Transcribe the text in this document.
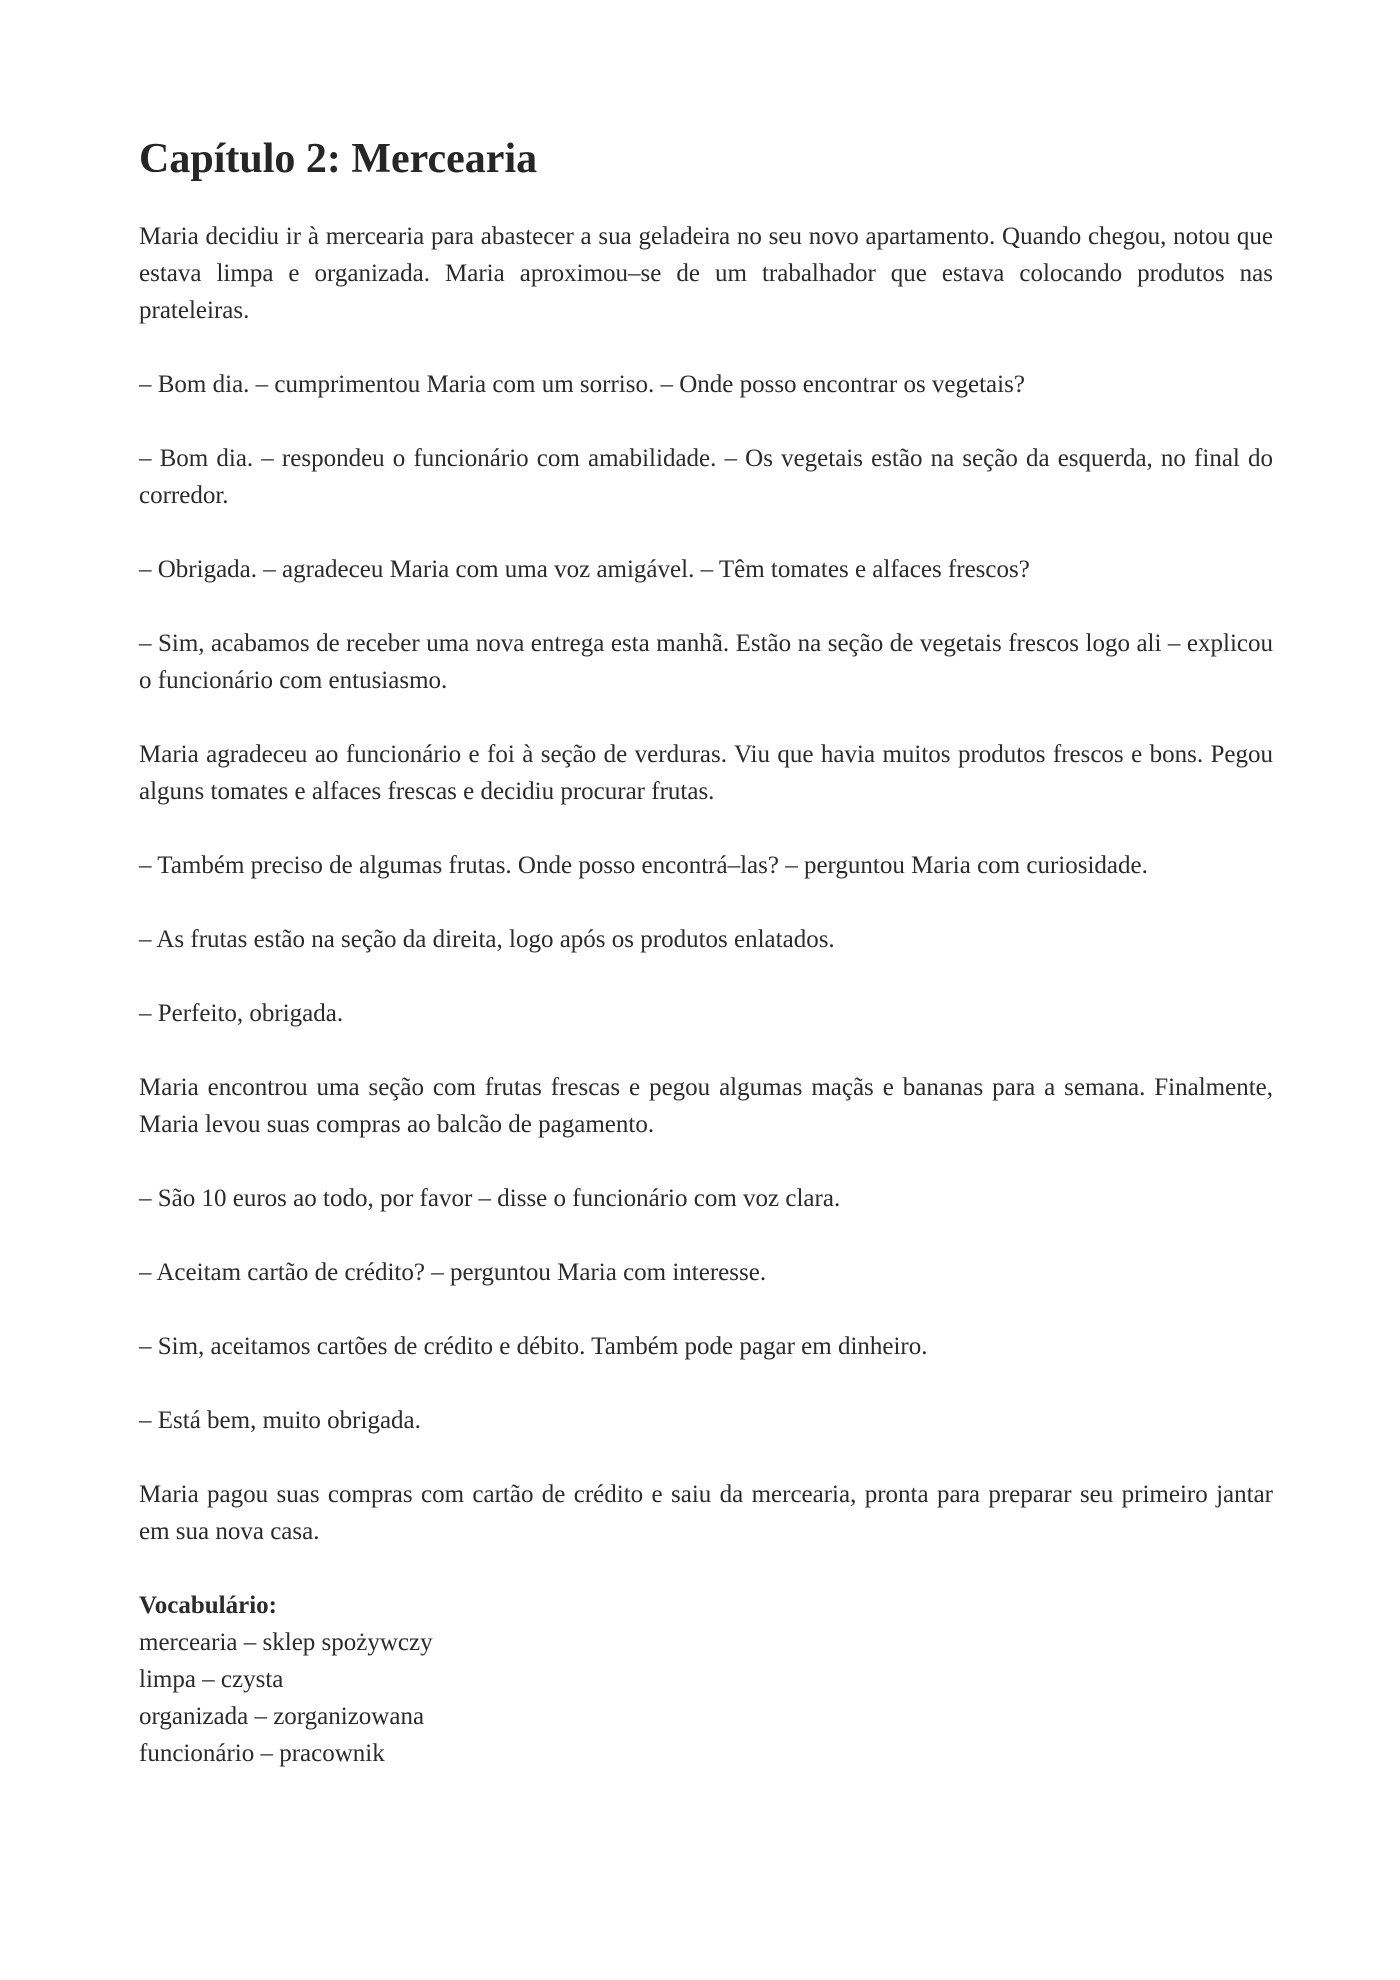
Capítulo 2: Mercearia

Maria decidiu ir à mercearia para abastecer a sua geladeira no seu novo apartamento. Quando chegou, notou que estava limpa e organizada. Maria aproximou–se de um trabalhador que estava colocando produtos nas prateleiras.

– Bom dia. – cumprimentou Maria com um sorriso. – Onde posso encontrar os vegetais?

– Bom dia. – respondeu o funcionário com amabilidade. – Os vegetais estão na seção da esquerda, no final do corredor.

– Obrigada. – agradeceu Maria com uma voz amigável. – Têm tomates e alfaces frescos?

– Sim, acabamos de receber uma nova entrega esta manhã. Estão na seção de vegetais frescos logo ali – explicou o funcionário com entusiasmo.

Maria agradeceu ao funcionário e foi à seção de verduras. Viu que havia muitos produtos frescos e bons. Pegou alguns tomates e alfaces frescas e decidiu procurar frutas.

– Também preciso de algumas frutas. Onde posso encontrá–las? – perguntou Maria com curiosidade.

– As frutas estão na seção da direita, logo após os produtos enlatados.

– Perfeito, obrigada.

Maria encontrou uma seção com frutas frescas e pegou algumas maçãs e bananas para a semana. Finalmente, Maria levou suas compras ao balcão de pagamento.

– São 10 euros ao todo, por favor – disse o funcionário com voz clara.

– Aceitam cartão de crédito? – perguntou Maria com interesse.

– Sim, aceitamos cartões de crédito e débito. Também pode pagar em dinheiro.

– Está bem, muito obrigada.

Maria pagou suas compras com cartão de crédito e saiu da mercearia, pronta para preparar seu primeiro jantar em sua nova casa.

Vocabulário:
mercearia – sklep spożywczy
limpa – czysta
organizada – zorganizowana
funcionário – pracownik
